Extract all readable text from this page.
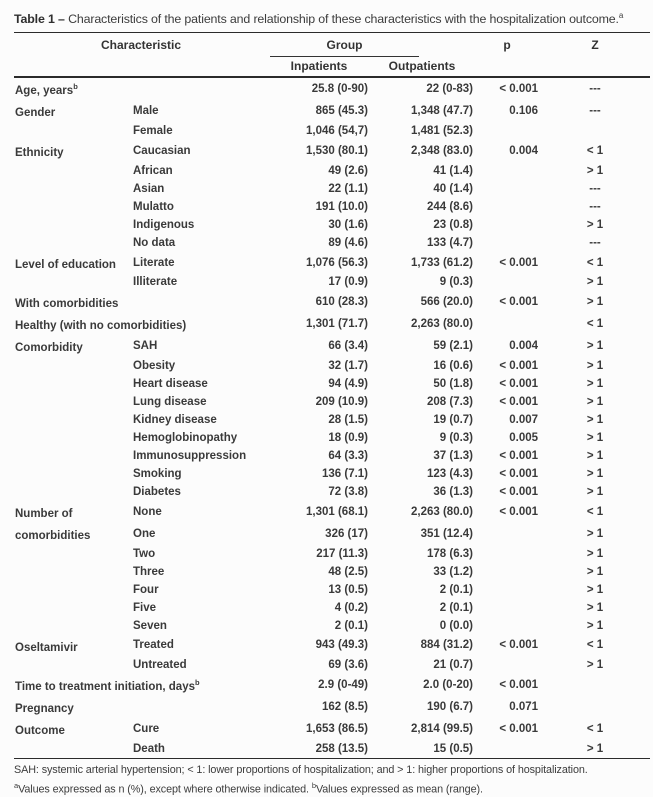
Table 1 – Characteristics of the patients and relationship of these characteristics with the hospitalization outcome.$^a$

Characteristic		Group		p	Z
		Inpatients	Outpatients		
Age, years$^b$		25.8 (0-90)	22 (0-83)	< 0.001	---
Gender	Male	865 (45.3)	1,348 (47.7)	0.106	---
	Female	1,046 (54,7)	1,481 (52.3)		
Ethnicity	Caucasian	1,530 (80.1)	2,348 (83.0)	0.004	< 1
	African	49 (2.6)	41 (1.4)		> 1
	Asian	22 (1.1)	40 (1.4)		---
	Mulatto	191 (10.0)	244 (8.6)		---
	Indigenous	30 (1.6)	23 (0.8)		> 1
	No data	89 (4.6)	133 (4.7)		---
Level of education	Literate	1,076 (56.3)	1,733 (61.2)	< 0.001	< 1
	Illiterate	17 (0.9)	9 (0.3)		> 1
With comorbidities		610 (28.3)	566 (20.0)	< 0.001	> 1
Healthy (with no comorbidities)		1,301 (71.7)	2,263 (80.0)		< 1
Comorbidity	SAH	66 (3.4)	59 (2.1)	0.004	> 1
	Obesity	32 (1.7)	16 (0.6)	< 0.001	> 1
	Heart disease	94 (4.9)	50 (1.8)	< 0.001	> 1
	Lung disease	209 (10.9)	208 (7.3)	< 0.001	> 1
	Kidney disease	28 (1.5)	19 (0.7)	0.007	> 1
	Hemoglobinopathy	18 (0.9)	9 (0.3)	0.005	> 1
	Immunosuppression	64 (3.3)	37 (1.3)	< 0.001	> 1
	Smoking	136 (7.1)	123 (4.3)	< 0.001	> 1
	Diabetes	72 (3.8)	36 (1.3)	< 0.001	> 1
Number of	None	1,301 (68.1)	2,263 (80.0)	< 0.001	< 1
comorbidities	One	326 (17)	351 (12.4)		> 1
	Two	217 (11.3)	178 (6.3)		> 1
	Three	48 (2.5)	33 (1.2)		> 1
	Four	13 (0.5)	2 (0.1)		> 1
	Five	4 (0.2)	2 (0.1)		> 1
	Seven	2 (0.1)	0 (0.0)		> 1
Oseltamivir	Treated	943 (49.3)	884 (31.2)	< 0.001	< 1
	Untreated	69 (3.6)	21 (0.7)		> 1
Time to treatment initiation, days$^b$		2.9 (0-49)	2.0 (0-20)	< 0.001	
Pregnancy		162 (8.5)	190 (6.7)	0.071	
Outcome	Cure	1,653 (86.5)	2,814 (99.5)	< 0.001	< 1
	Death	258 (13.5)	15 (0.5)		> 1
SAH: systemic arterial hypertension; < 1: lower proportions of hospitalization; and > 1: higher proportions of hospitalization.
$^a$Values expressed as n (%), except where otherwise indicated. $^b$Values expressed as mean (range).
